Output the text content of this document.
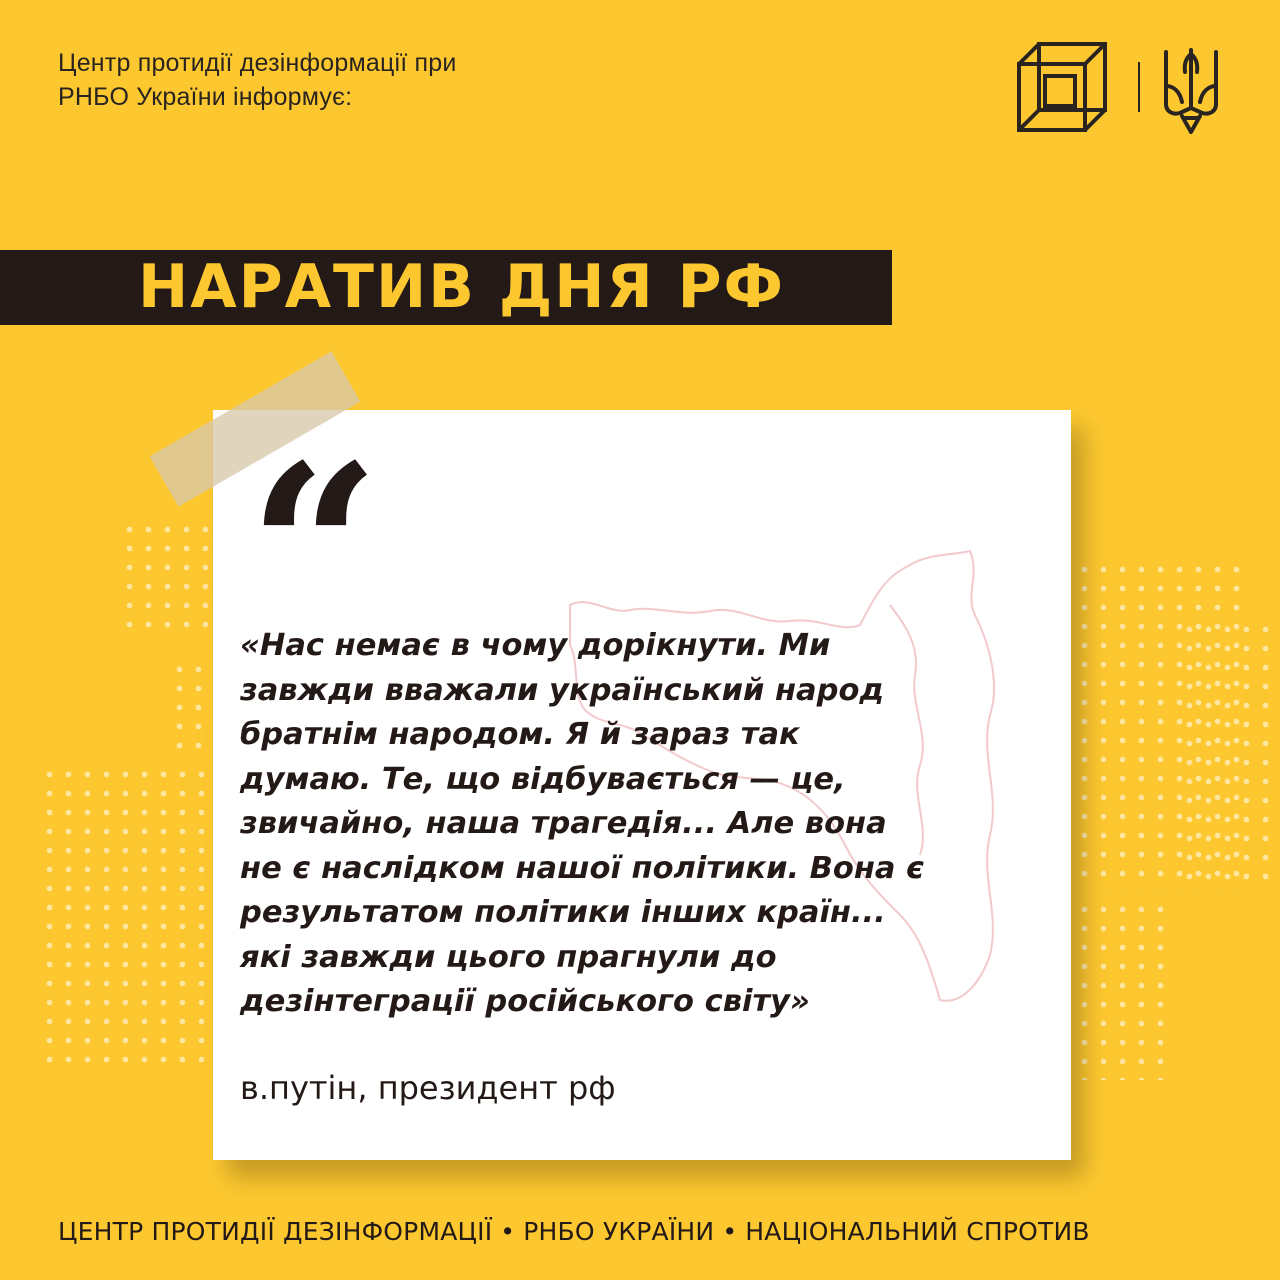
Центр протидії дезінформації при
РНБО України інформує:
НАРАТИВ ДНЯ РФ
“
«Нас немає в чому дорікнути. Ми
завжди вважали український народ
братнім народом. Я й зараз так
думаю. Те, що відбувається — це,
звичайно, наша трагедія... Але вона
не є наслідком нашої політики. Вона є
результатом політики інших країн...
які завжди цього прагнули до
дезінтеграції російського світу»
в.путін, президент рф
ЦЕНТР ПРОТИДІЇ ДЕЗІНФОРМАЦІЇ • РНБО УКРАЇНИ • НАЦІОНАЛЬНИЙ СПРОТИВ
